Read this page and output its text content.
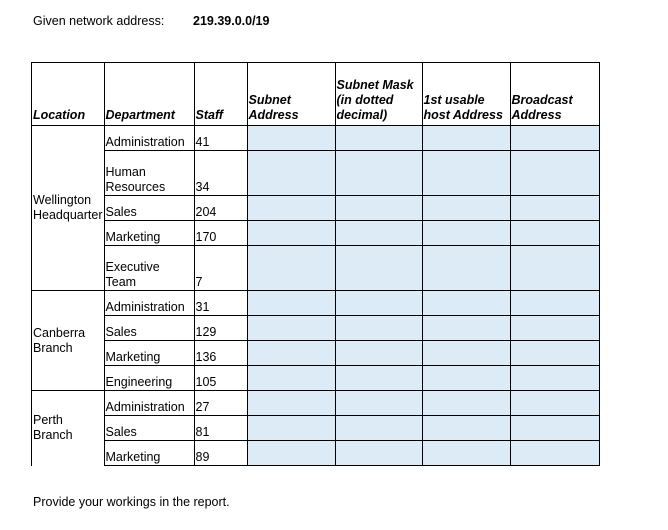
Given network address: 219.39.0.0/19
Location	Department	Staff	Subnet Address	Subnet Mask (in dotted decimal)	1st usable host Address	Broadcast Address
Wellington Headquarter	Administration	41				
	Human Resources	34				
	Sales	204				
	Marketing	170				
	Executive Team	7				
Canberra Branch	Administration	31				
	Sales	129				
	Marketing	136				
	Engineering	105				
Perth Branch	Administration	27				
	Sales	81				
	Marketing	89				
Provide your workings in the report.
